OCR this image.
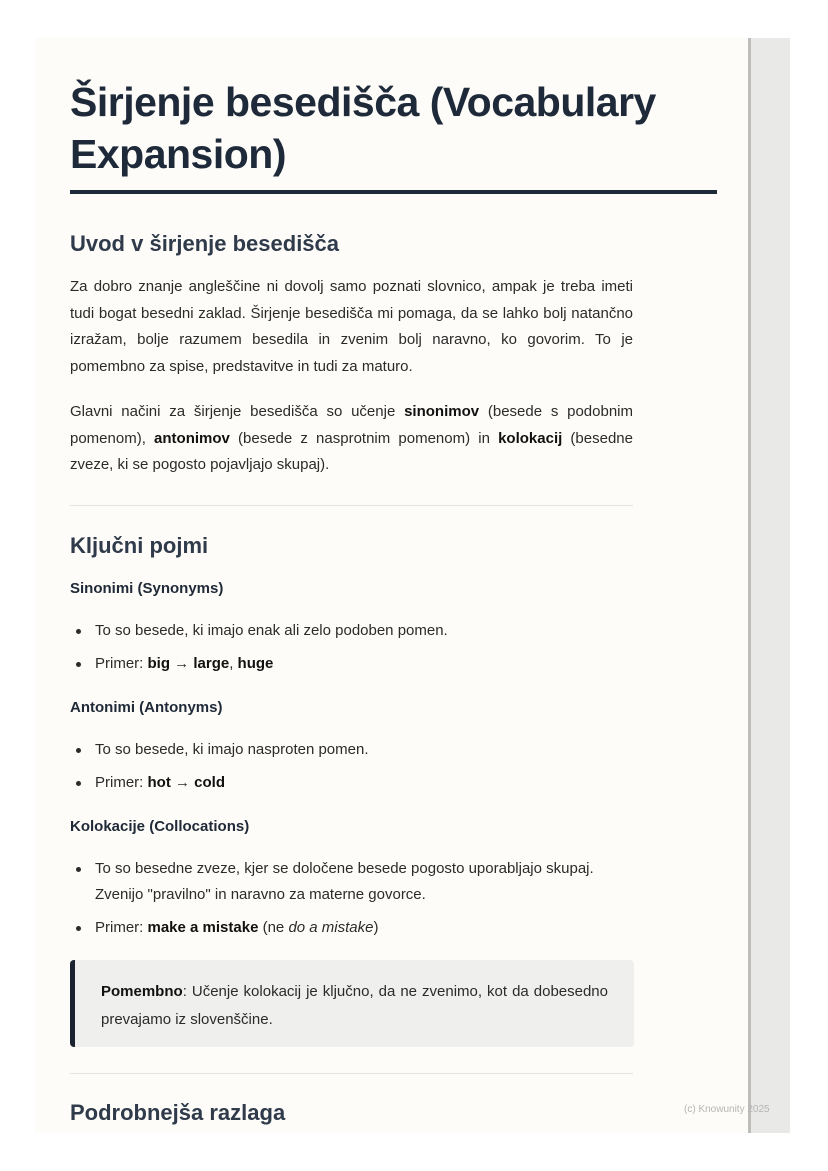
Širjenje besedišča (Vocabulary Expansion)
Uvod v širjenje besedišča

Za dobro znanje angleščine ni dovolj samo poznati slovnico, ampak je treba imeti tudi bogat besedni zaklad. Širjenje besedišča mi pomaga, da se lahko bolj natančno izražam, bolje razumem besedila in zvenim bolj naravno, ko govorim. To je pomembno za spise, predstavitve in tudi za maturo.

Glavni načini za širjenje besedišča so učenje sinonimov (besede s podobnim pomenom), antonimov (besede z nasprotnim pomenom) in kolokacij (besedne zveze, ki se pogosto pojavljajo skupaj).

Ključni pojmi
Sinonimi (Synonyms)
To so besede, ki imajo enak ali zelo podoben pomen.
Primer: big → large, huge
Antonimi (Antonyms)
To so besede, ki imajo nasproten pomen.
Primer: hot → cold
Kolokacije (Collocations)
To so besedne zveze, kjer se določene besede pogosto uporabljajo skupaj. Zvenijo "pravilno" in naravno za materne govorce.
Primer: make a mistake (ne do a mistake)
Pomembno: Učenje kolokacij je ključno, da ne zvenimo, kot da dobesedno prevajamo iz slovenščine.
Podrobnejša razlaga	(c) Knowunity 2025
